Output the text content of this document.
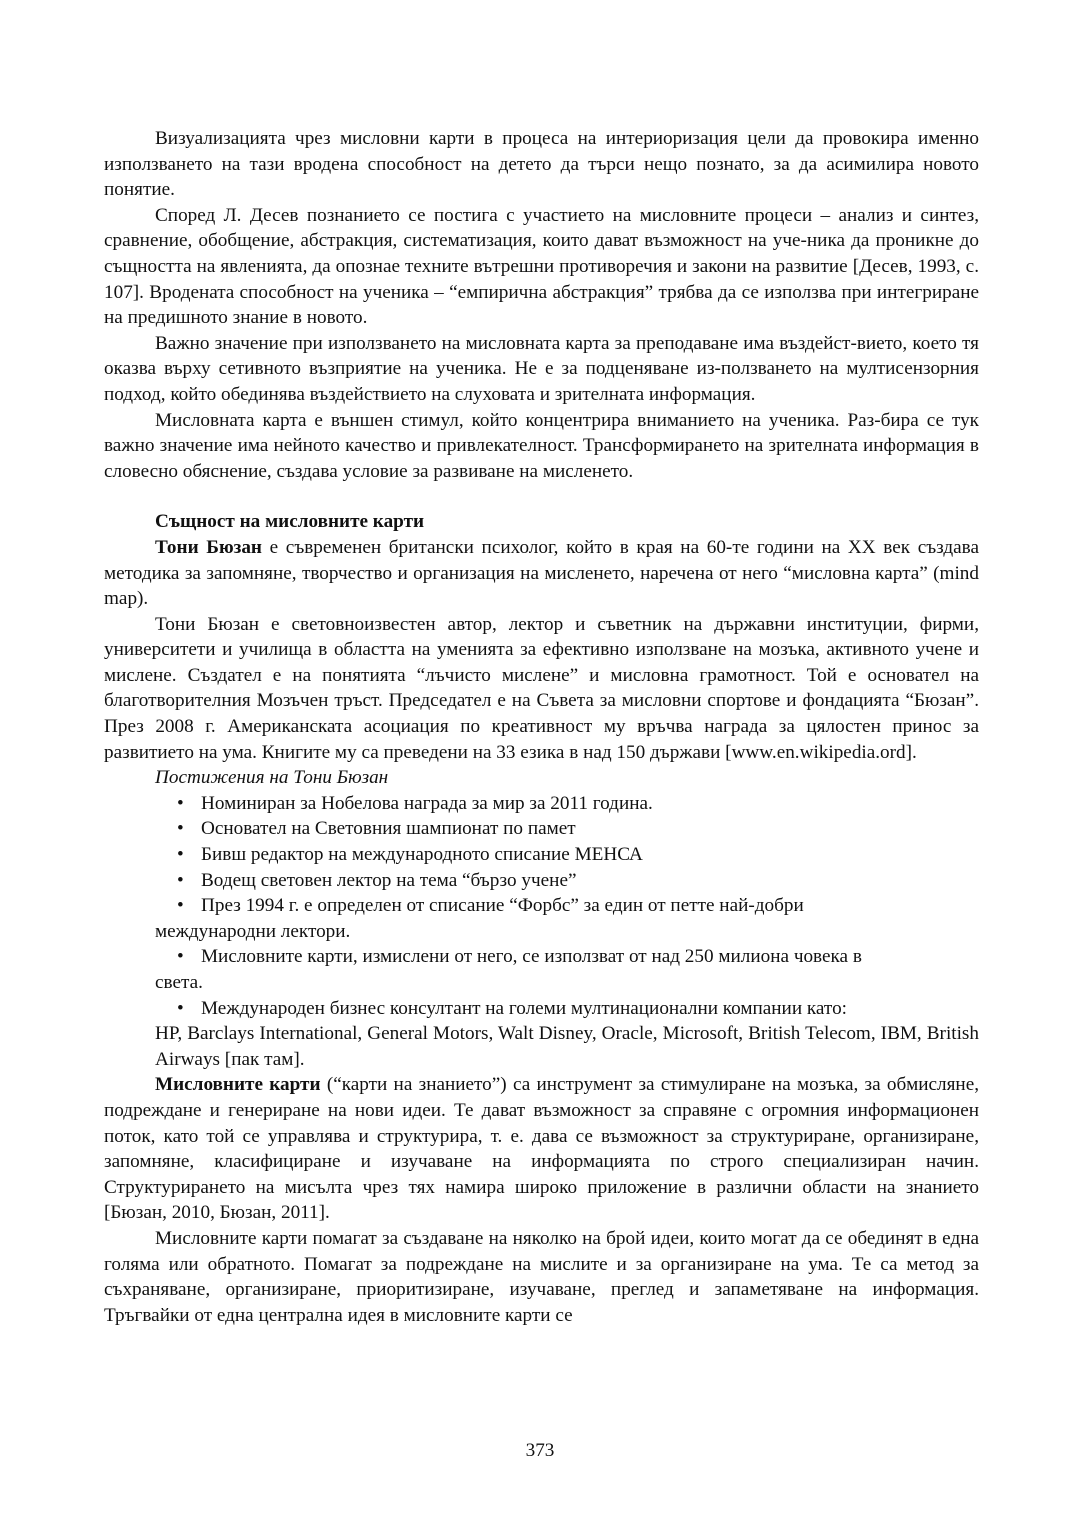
Визуализацията чрез мисловни карти в процеса на интериоризация цели да провокира именно използването на тази вродена способност на детето да търси нещо познато, за да асимилира новото понятие.

Според Л. Десев познанието се постига с участието на мисловните процеси – анализ и синтез, сравнение, обобщение, абстракция, систематизация, които дават възможност на уче-ника да проникне до същността на явленията, да опознае техните вътрешни противоречия и закони на развитие [Десев, 1993, с. 107]. Вроденатa способност на ученика – “емпирична абстракция” трябва да се използва при интегриране на предишното знание в новото.

Важно значение при използването на мисловната карта за преподаване има въздейст-вието, което тя оказва върху сетивното възприятие на ученика. Не е за подценяване из-ползването на мултисензорния подход, който обединява въздействието на слуховата и зрителната информация.

Мисловната карта е външен стимул, който концентрира вниманието на ученика. Раз-бира се тук важно значение има нейното качество и привлекателност. Трансформирането на зрителната информация в словесно обяснение, създава условие за развиване на мисленето.

Същност на мисловните карти

Тони Бюзан е съвременен британски психолог, който в края на 60-те години на XX век създава методика за запомняне, творчество и организация на мисленето, наречена от него “мисловна карта” (mind map).

Тони Бюзан е световноизвестен автор, лектор и съветник на държавни институции, фирми, университети и училища в областта на уменията за ефективно използване на мозъка, активното учене и мислене. Създател е на понятията “лъчисто мислене” и мисловна грамотност. Той е основател на благотворителния Мозъчен тръст. Председател е на Съвета за мисловни спортове и фондацията “Бюзан”. През 2008 г. Американската асоциация по креативност му връчва награда за цялостен принос за развитието на ума. Книгите му са преведени на 33 езика в над 150 държави [www.en.wikipedia.ord].

Постижения на Тони Бюзан

• Номиниран за Нобелова награда за мир за 2011 година.
• Основател на Световния шампионат по памет
• Бивш редактор на международното списание МЕНСА
• Водещ световен лектор на тема “бързо учене”
• През 1994 г. е определен от списание “Форбс” за един от петте най-добри
международни лектори.
• Мисловните карти, измислени от него, се използват от над 250 милиона човека в
света.
• Международен бизнес консултант на големи мултинационални компании като:
HP, Barclays International, General Motors, Walt Disney, Oracle, Microsoft, British Telecom, IBM, British Airways [пак там].

Мисловните карти (“карти на знанието”) са инструмент за стимулиране на мозъка, за обмисляне, подреждане и генериране на нови идеи. Те дават възможност за справяне с огромния информационен поток, като той се управлява и структурира, т. е. дава се възможност за структуриране, организиране, запомняне, класифициране и изучаване на информацията по строго специализиран начин. Структурирането на мисълта чрез тях намира широко приложение в различни области на знанието [Бюзан, 2010, Бюзан, 2011].

Мисловните карти помагат за създаване на няколко на брой идеи, които могат да се обединят в една голяма или обратното. Помагат за подреждане на мислите и за организиране на ума. Те са метод за съхраняване, организиране, приоритизиране, изучаване, преглед и запаметяване на информация. Тръгвайки от една централна идея в мисловните карти се

373
